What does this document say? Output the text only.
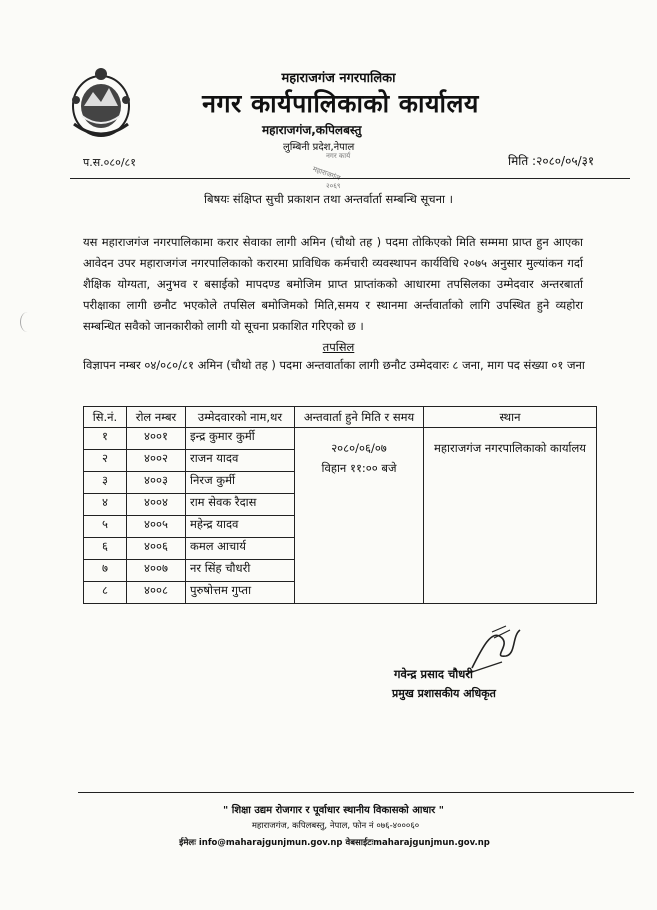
महाराजगंज नगरपालिका
नगर कार्यपालिकाको कार्यालय
महाराजगंज,कपिलबस्तु
लुम्बिनी प्रदेश,नेपाल
नगर कार्य
महाराजगंज
२०६९
प.स.०८०/८१	मिति :२०८०/०५/३१
बिषयः संक्षिप्त सुची प्रकाशन तथा अन्तर्वार्ता सम्बन्धि सूचना ।
यस महाराजगंज नगरपालिकामा करार सेवाका लागी अमिन (चौथो तह ) पदमा तोकिएको मिति सम्ममा प्राप्त हुन आएका आवेदन उपर महाराजगंज नगरपालिकाको करारमा प्राविधिक कर्मचारी व्यवस्थापन कार्यविधि २०७५ अनुसार मुल्यांकन गर्दा शैक्षिक योग्यता, अनुभव र बसाईको मापदण्ड बमोजिम प्राप्त प्राप्तांकको आधारमा तपसिलका उम्मेदवार अन्तरबार्ता परीक्षाका लागी छनौट भएकोले तपसिल बमोजिमको मिति,समय र स्थानमा अर्न्तवार्ताको लागि उपस्थित हुने व्यहोरा सम्बन्धित सवैको जानकारीको लागी यो सूचना प्रकाशित गरिएको छ ।
तपसिल
विज्ञापन नम्बर ०४/०८०/८१ अमिन (चौथो तह ) पदमा अन्तवार्ताका लागी छनौट उम्मेदवारः ८ जना, माग पद संख्या ०१ जना
सि.नं.	रोल नम्बर	उम्मेदवारको नाम,थर	अन्तवार्ता हुने मिति र समय	स्थान
१	४००१	इन्द्र कुमार कुर्मी	२०८०/०६/०७
विहान ११:०० बजे	महाराजगंज नगरपालिकाको कार्यालय
२	४००२	राजन यादव		
३	४००३	निरज कुर्मी		
४	४००४	राम सेवक रैदास		
५	४००५	महेन्द्र यादव		
६	४००६	कमल आचार्य		
७	४००७	नर सिंह चौधरी		
८	४००८	पुरुषोत्तम गुप्ता		
गवेन्द्र प्रसाद चौधरी
प्रमुख प्रशासकीय अधिकृत
" शिक्षा उद्यम रोजगार र पूर्वाधार स्थानीय विकासको आधार "
महाराजगंज, कपिलबस्तु, नेपाल, फोन नं ०७६-४०००६०
ईमेलः info@maharajgunjmun.gov.np वेबसाईटःmaharajgunjmun.gov.np
